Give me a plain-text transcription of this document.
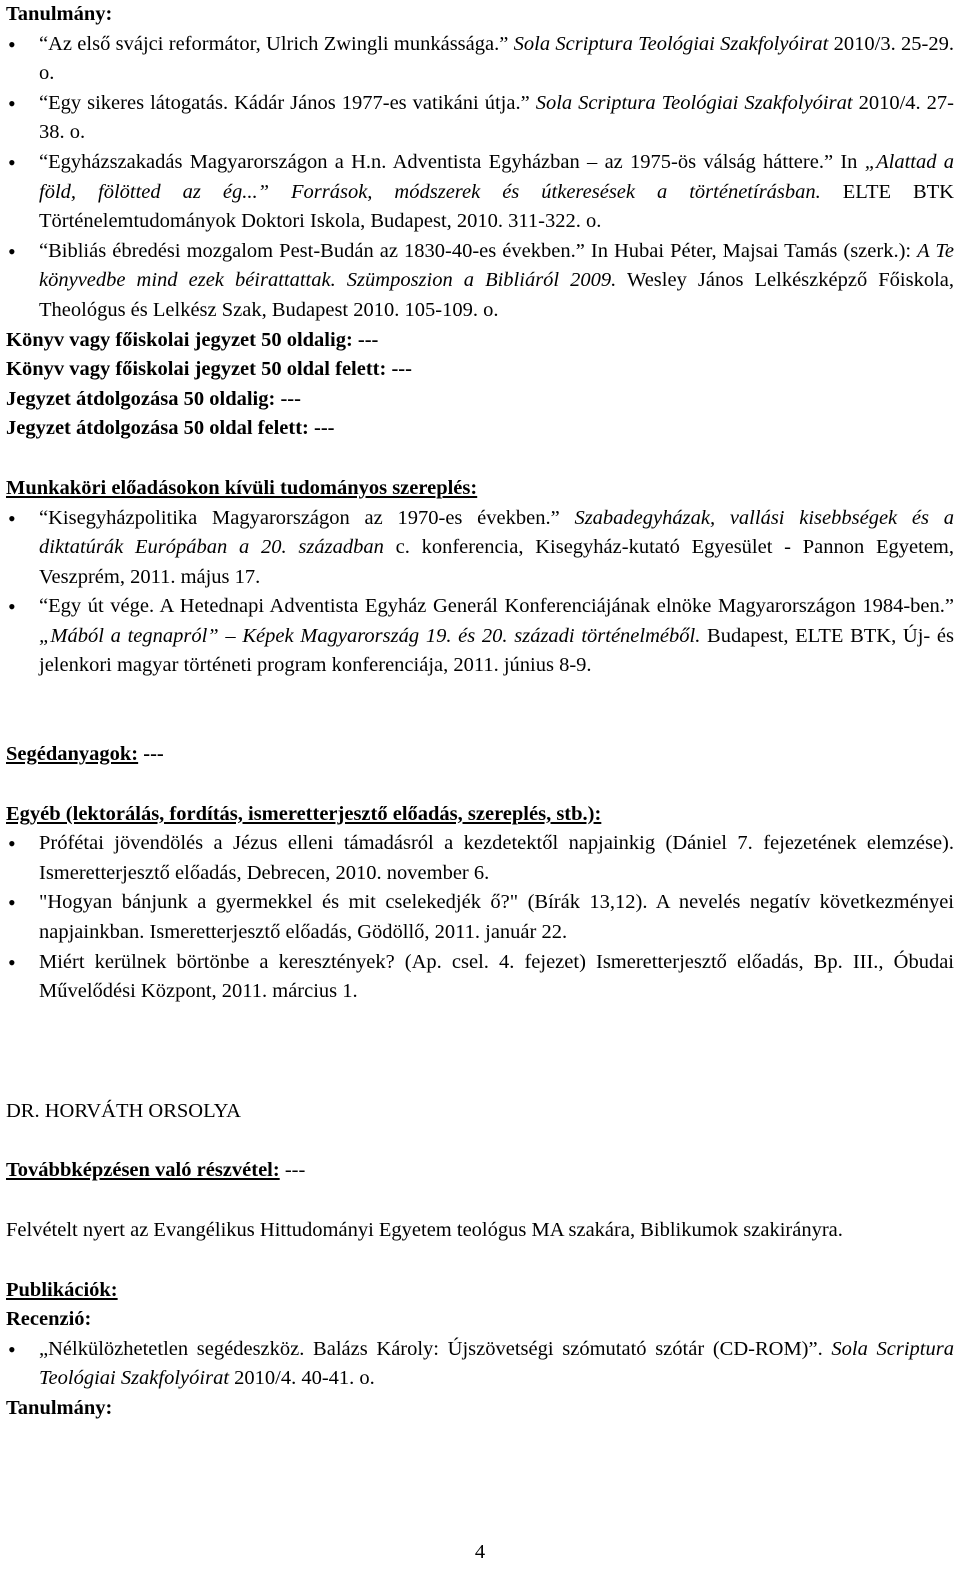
Tanulmány:
• “Az első svájci reformátor, Ulrich Zwingli munkássága.” Sola Scriptura Teológiai Szakfolyóirat 2010/3. 25-29. o.
• “Egy sikeres látogatás. Kádár János 1977-es vatikáni útja.” Sola Scriptura Teológiai Szakfolyóirat 2010/4. 27-38. o.
• “Egyházszakadás Magyarországon a H.n. Adventista Egyházban – az 1975-ös válság háttere.” In „Alattad a föld, fölötted az ég...” Források, módszerek és útkeresések a történetírásban. ELTE BTK Történelemtudományok Doktori Iskola, Budapest, 2010. 311-322. o.
• “Bibliás ébredési mozgalom Pest-Budán az 1830-40-es években.” In Hubai Péter, Majsai Tamás (szerk.): A Te könyvedbe mind ezek béirattattak. Szümposzion a Bibliáról 2009. Wesley János Lelkészképző Főiskola, Theológus és Lelkész Szak, Budapest 2010. 105-109. o.
Könyv vagy főiskolai jegyzet 50 oldalig: ---
Könyv vagy főiskolai jegyzet 50 oldal felett: ---
Jegyzet átdolgozása 50 oldalig: ---
Jegyzet átdolgozása 50 oldal felett: ---
Munkaköri előadásokon kívüli tudományos szereplés:
• “Kisegyházpolitika Magyarországon az 1970-es években.” Szabadegyházak, vallási kisebbségek és a diktatúrák Európában a 20. században c. konferencia, Kisegyház-kutató Egyesület - Pannon Egyetem, Veszprém, 2011. május 17.
• “Egy út vége. A Hetednapi Adventista Egyház Generál Konferenciájának elnöke Magyarországon 1984-ben.” „Mából a tegnapról” – Képek Magyarország 19. és 20. századi történelméből. Budapest, ELTE BTK, Új- és jelenkori magyar történeti program konferenciája, 2011. június 8-9.
Segédanyagok: ---
Egyéb (lektorálás, fordítás, ismeretterjesztő előadás, szereplés, stb.):
• Prófétai jövendölés a Jézus elleni támadásról a kezdetektől napjainkig (Dániel 7. fejezetének elemzése). Ismeretterjesztő előadás, Debrecen, 2010. november 6.
• "Hogyan bánjunk a gyermekkel és mit cselekedjék ő?" (Bírák 13,12). A nevelés negatív következményei napjainkban. Ismeretterjesztő előadás, Gödöllő, 2011. január 22.
• Miért kerülnek börtönbe a keresztények? (Ap. csel. 4. fejezet) Ismeretterjesztő előadás, Bp. III., Óbudai Művelődési Központ, 2011. március 1.
DR. HORVÁTH ORSOLYA
Továbbképzésen való részvétel: ---
Felvételt nyert az Evangélikus Hittudományi Egyetem teológus MA szakára, Biblikumok szakirányra.
Publikációk:
Recenzió:
• „Nélkülözhetetlen segédeszköz. Balázs Károly: Újszövetségi szómutató szótár (CD-ROM)”. Sola Scriptura Teológiai Szakfolyóirat 2010/4. 40-41. o.
Tanulmány:
4
